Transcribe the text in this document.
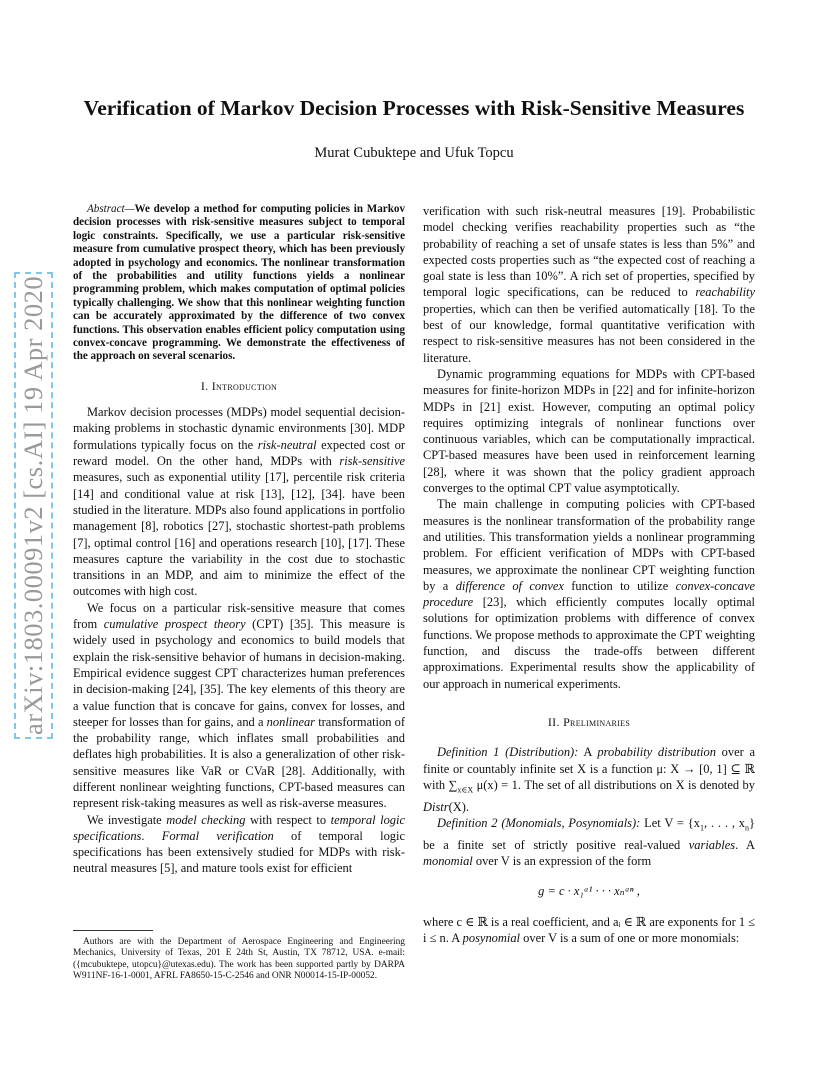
Verification of Markov Decision Processes with Risk-Sensitive Measures
Murat Cubuktepe and Ufuk Topcu
arXiv:1803.00091v2 [cs.AI] 19 Apr 2020
Abstract—We develop a method for computing policies in Markov decision processes with risk-sensitive measures subject to temporal logic constraints. Specifically, we use a particular risk-sensitive measure from cumulative prospect theory, which has been previously adopted in psychology and economics. The nonlinear transformation of the probabilities and utility functions yields a nonlinear programming problem, which makes computation of optimal policies typically challenging. We show that this nonlinear weighting function can be accurately approximated by the difference of two convex functions. This observation enables efficient policy computation using convex-concave programming. We demonstrate the effectiveness of the approach on several scenarios.
I. Introduction

Markov decision processes (MDPs) model sequential decision-making problems in stochastic dynamic environments [30]. MDP formulations typically focus on the risk-neutral expected cost or reward model. On the other hand, MDPs with risk-sensitive measures, such as exponential utility [17], percentile risk criteria [14] and conditional value at risk [13], [12], [34]. have been studied in the literature. MDPs also found applications in portfolio management [8], robotics [27], stochastic shortest-path problems [7], optimal control [16] and operations research [10], [17]. These measures capture the variability in the cost due to stochastic transitions in an MDP, and aim to minimize the effect of the outcomes with high cost.

We focus on a particular risk-sensitive measure that comes from cumulative prospect theory (CPT) [35]. This measure is widely used in psychology and economics to build models that explain the risk-sensitive behavior of humans in decision-making. Empirical evidence suggest CPT characterizes human preferences in decision-making [24], [35]. The key elements of this theory are a value function that is concave for gains, convex for losses, and steeper for losses than for gains, and a nonlinear transformation of the probability range, which inflates small probabilities and deflates high probabilities. It is also a generalization of other risk-sensitive measures like VaR or CVaR [28]. Additionally, with different nonlinear weighting functions, CPT-based measures can represent risk-taking measures as well as risk-averse measures.

We investigate model checking with respect to temporal logic specifications. Formal verification of temporal logic specifications has been extensively studied for MDPs with risk-neutral measures [5], and mature tools exist for efficient

Authors are with the Department of Aerospace Engineering and Engineering Mechanics, University of Texas, 201 E 24th St, Austin, TX 78712, USA. e-mail: ({mcubuktepe, utopcu}@utexas.edu). The work has been supported partly by DARPA W911NF-16-1-0001, AFRL FA8650-15-C-2546 and ONR N00014-15-IP-00052.

verification with such risk-neutral measures [19]. Probabilistic model checking verifies reachability properties such as “the probability of reaching a set of unsafe states is less than 5%” and expected costs properties such as “the expected cost of reaching a goal state is less than 10%”. A rich set of properties, specified by temporal logic specifications, can be reduced to reachability properties, which can then be verified automatically [18]. To the best of our knowledge, formal quantitative verification with respect to risk-sensitive measures has not been considered in the literature.

Dynamic programming equations for MDPs with CPT-based measures for finite-horizon MDPs in [22] and for infinite-horizon MDPs in [21] exist. However, computing an optimal policy requires optimizing integrals of nonlinear functions over continuous variables, which can be computationally impractical. CPT-based measures have been used in reinforcement learning [28], where it was shown that the policy gradient approach converges to the optimal CPT value asymptotically.

The main challenge in computing policies with CPT-based measures is the nonlinear transformation of the probability range and utilities. This transformation yields a nonlinear programming problem. For efficient verification of MDPs with CPT-based measures, we approximate the nonlinear CPT weighting function by a difference of convex function to utilize convex-concave procedure [23], which efficiently computes locally optimal solutions for optimization problems with difference of convex functions. We propose methods to approximate the CPT weighting function, and discuss the trade-offs between different approximations. Experimental results show the applicability of our approach in numerical experiments.

II. Preliminaries

Definition 1 (Distribution): A probability distribution over a finite or countably infinite set X is a function μ: X → [0, 1] ⊆ ℝ with $\sum_{x\in X}$ μ(x) = 1. The set of all distributions on X is denoted by Distr(X).

Definition 2 (Monomials, Posynomials): Let $V = \{x_1$, . . . , $x_n$} be a finite set of strictly positive real-valued variables. A monomial over V is an expression of the form

g = c · x₁ᵃ¹ · · · xₙᵃⁿ ,

where c ∈ ℝ is a real coefficient, and aᵢ ∈ ℝ are exponents for 1 ≤ i ≤ n. A posynomial over V is a sum of one or more monomials:
